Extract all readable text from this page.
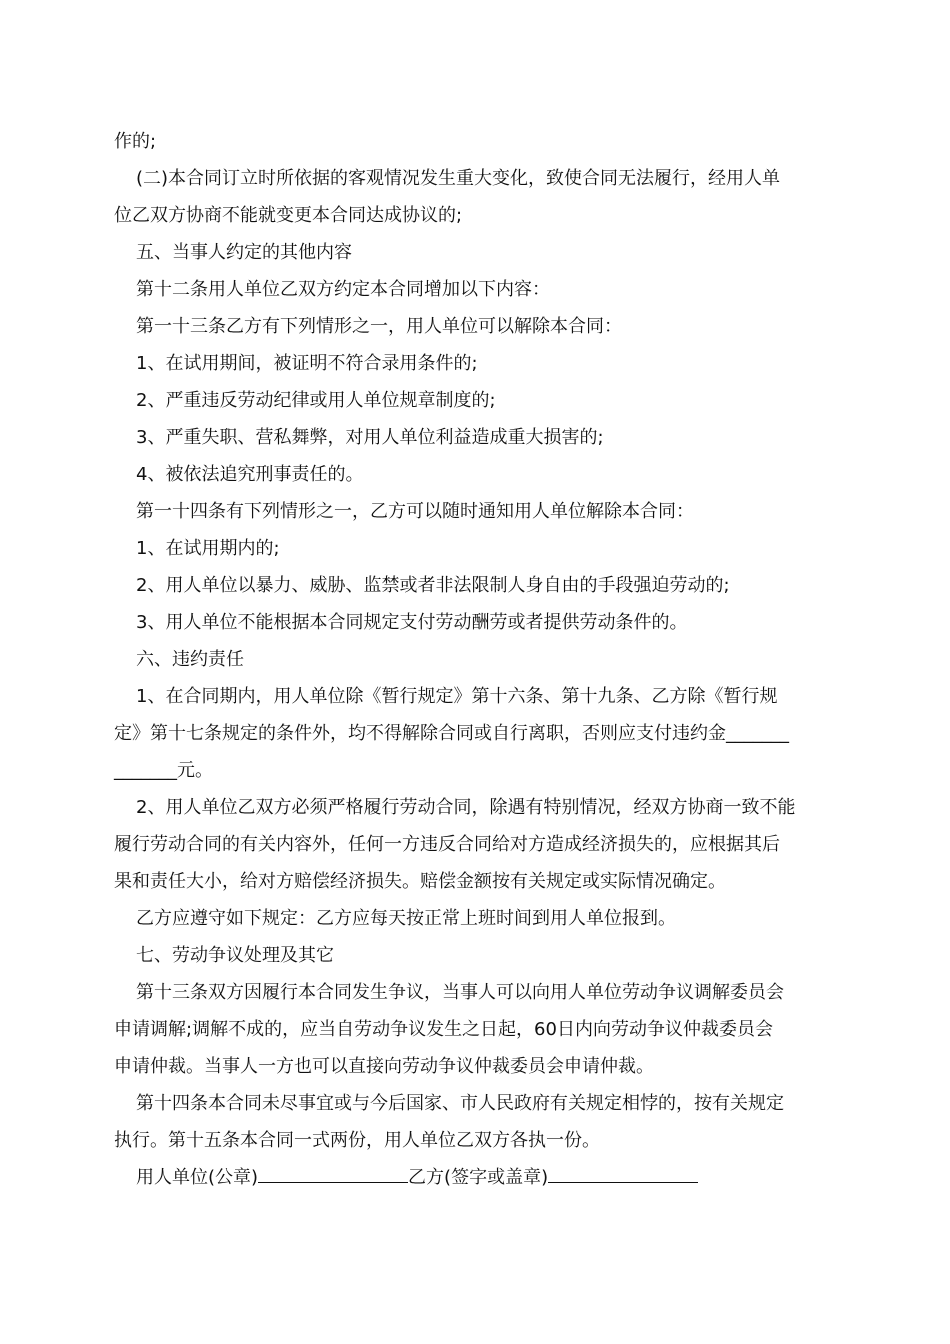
作的;

(二)本合同订立时所依据的客观情况发生重大变化，致使合同无法履行，经用人单

位乙双方协商不能就变更本合同达成协议的;

五、当事人约定的其他内容

第十二条用人单位乙双方约定本合同增加以下内容：

第一十三条乙方有下列情形之一，用人单位可以解除本合同：

1、在试用期间，被证明不符合录用条件的;

2、严重违反劳动纪律或用人单位规章制度的;

3、严重失职、营私舞弊，对用人单位利益造成重大损害的;

4、被依法追究刑事责任的。

第一十四条有下列情形之一，乙方可以随时通知用人单位解除本合同：

1、在试用期内的;

2、用人单位以暴力、威胁、监禁或者非法限制人身自由的手段强迫劳动的;

3、用人单位不能根据本合同规定支付劳动酬劳或者提供劳动条件的。

六、违约责任

1、在合同期内，用人单位除《暂行规定》第十六条、第十九条、乙方除《暂行规

定》第十七条规定的条件外，均不得解除合同或自行离职，否则应支付违约金_______

_______元。

2、用人单位乙双方必须严格履行劳动合同，除遇有特别情况，经双方协商一致不能

履行劳动合同的有关内容外，任何一方违反合同给对方造成经济损失的，应根据其后

果和责任大小，给对方赔偿经济损失。赔偿金额按有关规定或实际情况确定。

乙方应遵守如下规定：乙方应每天按正常上班时间到用人单位报到。

七、劳动争议处理及其它

第十三条双方因履行本合同发生争议，当事人可以向用人单位劳动争议调解委员会

申请调解;调解不成的，应当自劳动争议发生之日起，60日内向劳动争议仲裁委员会

申请仲裁。当事人一方也可以直接向劳动争议仲裁委员会申请仲裁。

第十四条本合同未尽事宜或与今后国家、市人民政府有关规定相悖的，按有关规定

执行。第十五条本合同一式两份，用人单位乙双方各执一份。

用人单位(公章)	乙方(签字或盖章)
